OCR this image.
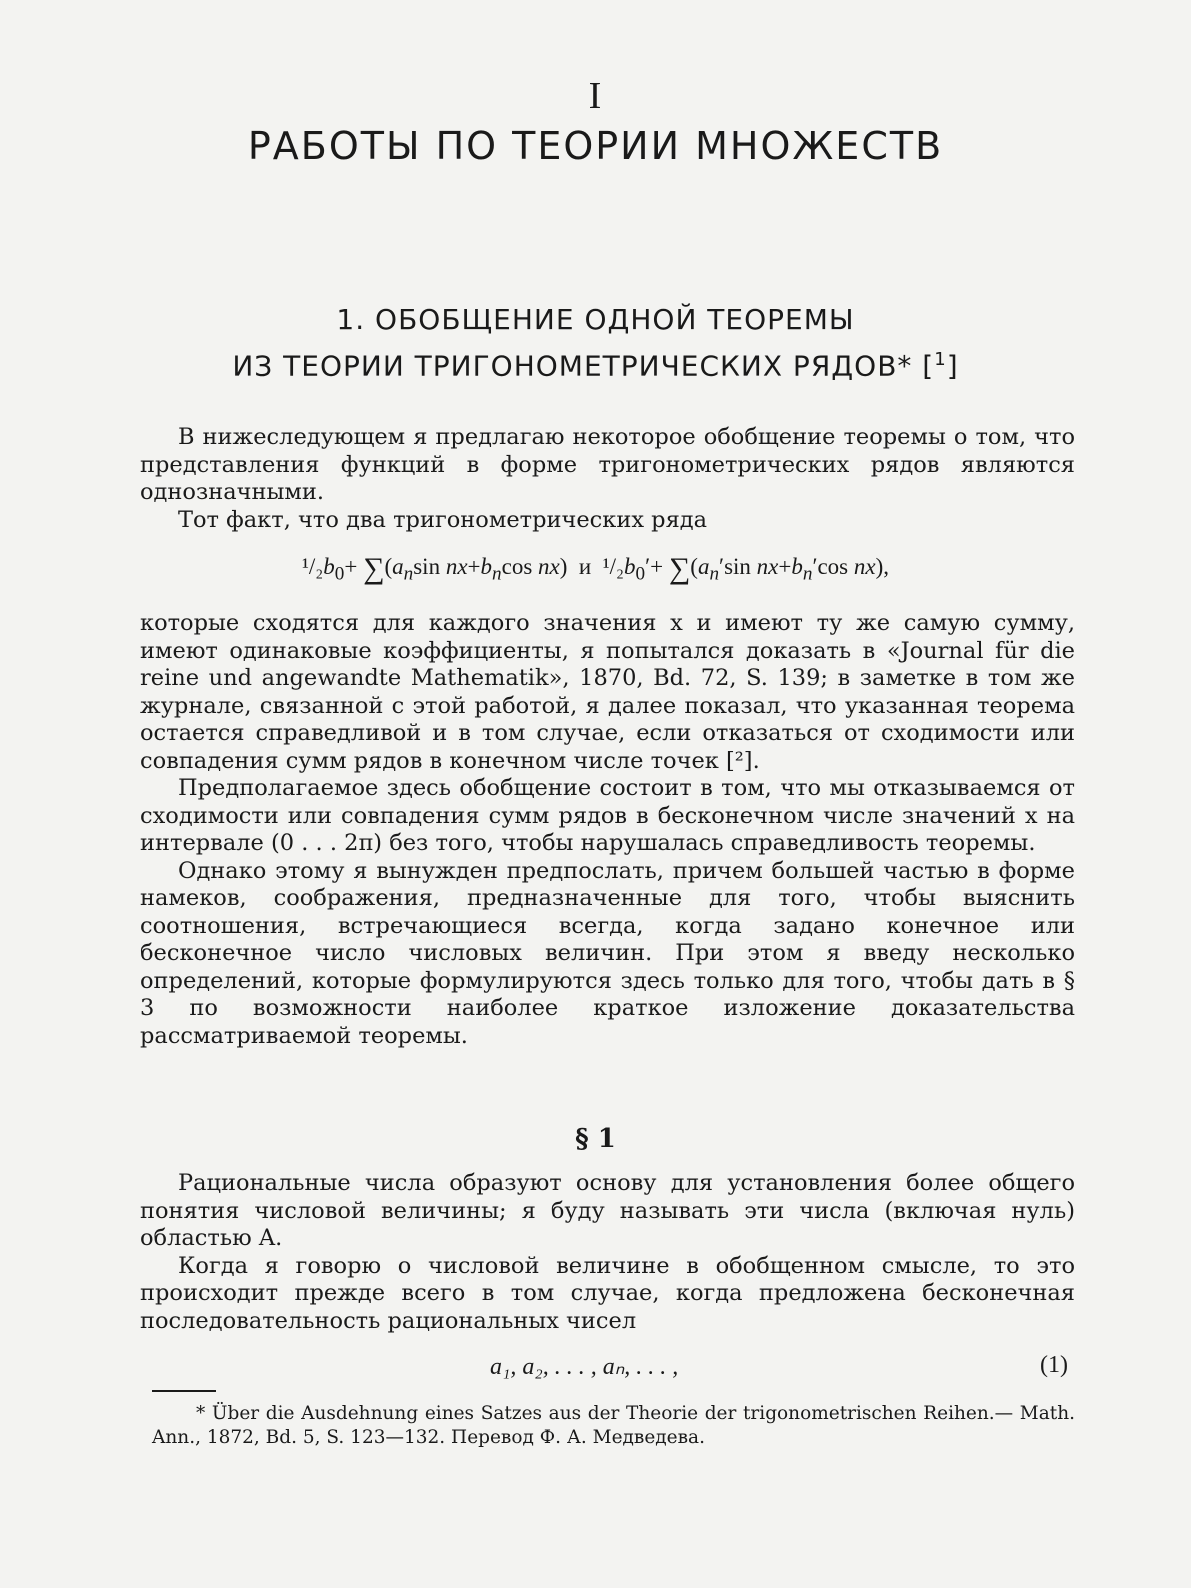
I
РАБОТЫ ПО ТЕОРИИ МНОЖЕСТВ
1. ОБОБЩЕНИЕ ОДНОЙ ТЕОРЕМЫ
ИЗ ТЕОРИИ ТРИГОНОМЕТРИЧЕСКИХ РЯДОВ* [$^1$]

В нижеследующем я предлагаю некоторое обобщение теоремы о том, что представления функций в форме тригонометрических рядов являются однозначными.

Тот факт, что два тригонометрических ряда

$^1/_2b_0+ \sum(a_n\sin$ $nx+b_n\cos$ nx) и $^1/_2b_0'+ \sum(a_n'\sin$ $nx+b_n'\cos$ nx),

которые сходятся для каждого значения x и имеют ту же самую сумму, имеют одинаковые коэффициенты, я попытался доказать в «Journal für die reine und angewandte Mathematik», 1870, Bd. 72, S. 139; в заметке в том же журнале, связанной с этой работой, я далее показал, что указанная теорема остается справедливой и в том случае, если отказаться от сходимости или совпадения сумм рядов в конечном числе точек [²].

Предполагаемое здесь обобщение состоит в том, что мы отказываемся от сходимости или совпадения сумм рядов в бесконечном числе значений x на интервале (0 . . . 2π) без того, чтобы нарушалась справедливость теоремы.

Однако этому я вынужден предпослать, причем большей частью в форме намеков, соображения, предназначенные для того, чтобы выяснить соотношения, встречающиеся всегда, когда задано конечное или бесконечное число числовых величин. При этом я введу несколько определений, которые формулируются здесь только для того, чтобы дать в § 3 по возможности наиболее краткое изложение доказательства рассматриваемой теоремы.

§ 1

Рациональные числа образуют основу для установления более общего понятия числовой величины; я буду называть эти числа (включая нуль) областью A.

Когда я говорю о числовой величине в обобщенном смысле, то это происходит прежде всего в том случае, когда предложена бесконечная последовательность рациональных чисел

a₁, a₂, . . . , aₙ, . . . ,	(1)
* Über die Ausdehnung eines Satzes aus der Theorie der trigonometrischen Reihen.— Math. Ann., 1872, Bd. 5, S. 123—132. Перевод Ф. А. Медведева.
